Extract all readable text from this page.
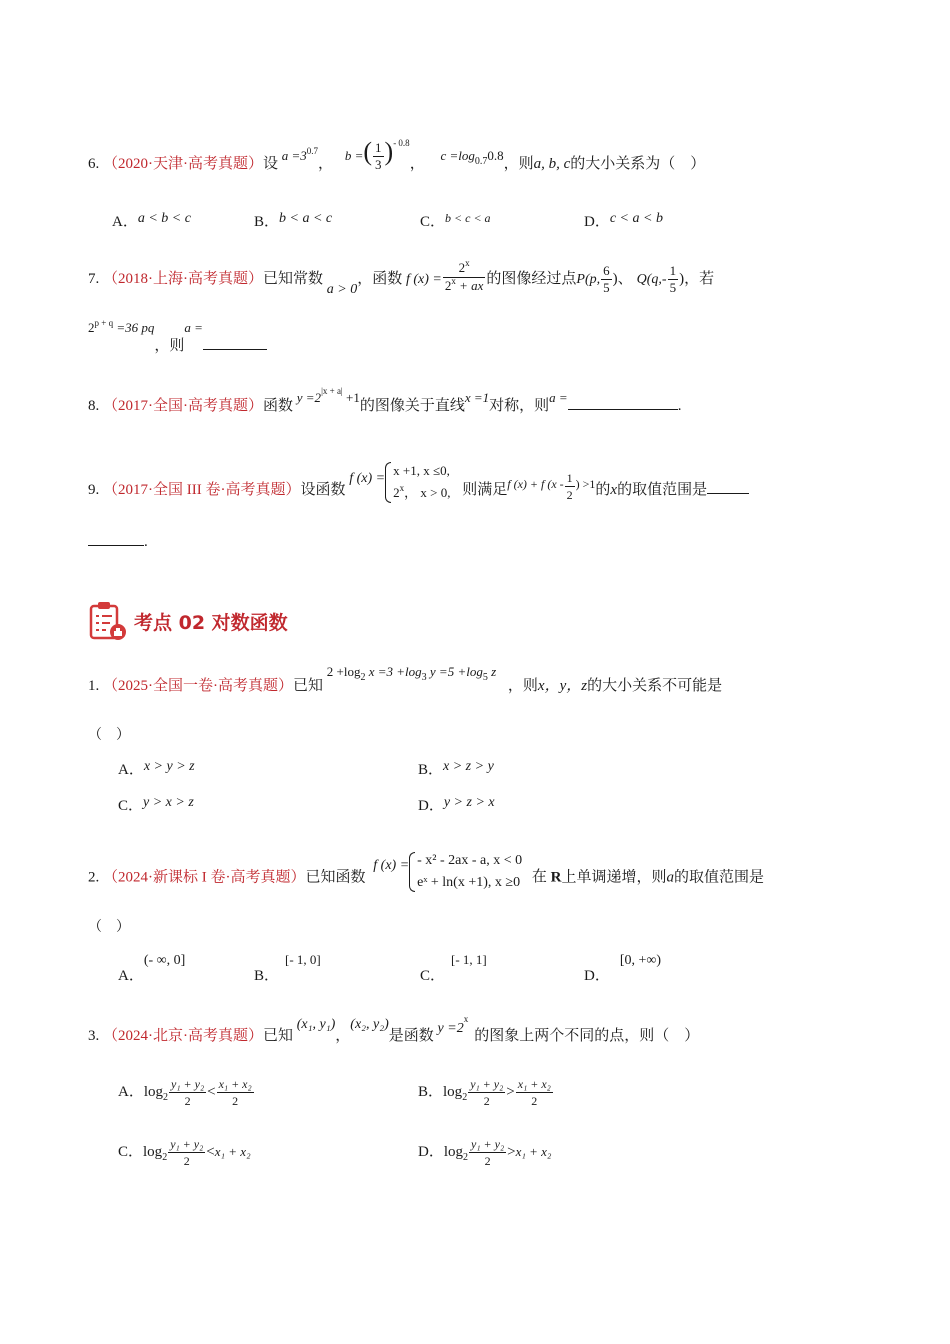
6. （2020·天津·高考真题）设 $a =3^{0.7}$， b =( $\frac{1}{3} )^{- 0.8}$， $c =\log^{0.7}0.8$，则a, b, c的大小关系为（　）
A．a < b < c	B．b < a < c	C．$^{b < c < a}$	D．c < a < b
7. （2018·上海·高考真题）已知常数 a > 0，函数 f $(x) = \frac{2^x}{2^x + ax}$ 的图像经过点P(p, $\frac{6}{5}$ )、 $Q(q,- \frac{1}{5}$ )，若
$2^{p + q} =36$ pq，则a =
8. （2017·全国·高考真题）函数 $y =2^{|x + a|} +1$的图像关于直线x =1对称，则a =.
9. （2017·全国 III 卷·高考真题）设函数 f (x) =
x +1, x ≤0,
2$^x$， x > 0, 则满足$^{f (x) + f (x -} \frac{1}{2} ^{) >1}$的x的取值范围是
.
考点 02 对数函数
1. （2025·全国一卷·高考真题）已知 $2 +\log_2$ $x =3 +\log_3$ $y =5 +\log_5$ z ，则x，y，z的大小关系不可能是
（　）
A．x > y > z	B．x > z > y
C．y > x > z	D．y > z > x
2. （2024·新课标 I 卷·高考真题）已知函数 f (x) = - x² - 2ax - a, x < 0
eˣ + ln(x +1), x ≥0 在 R上单调递增，则a的取值范围是
（　）
A．(- ∞, 0]
B．[- 1, 0]
C．[- 1, 1]
D．[0, +∞)
3. （2024·北京·高考真题）已知 (x₁, y₁)，(x₂, y₂)是函数 $y =2^x$的图象上两个不同的点，则（　）
A．$\log_2 \frac{\text{y₁ + y₂}}{2} < \frac{\text{x₁ + x₂}}{2}$	B．$\log_2 \frac{\text{y₁ + y₂}}{2} > \frac{\text{x₁ + x₂}}{2}$
C．$\log_2 \frac{\text{y₁ + y₂}}{2} <x_1 + x_2$	D．$\log_2 \frac{\text{y₁ + y₂}}{2} >x_1 + x_2$
